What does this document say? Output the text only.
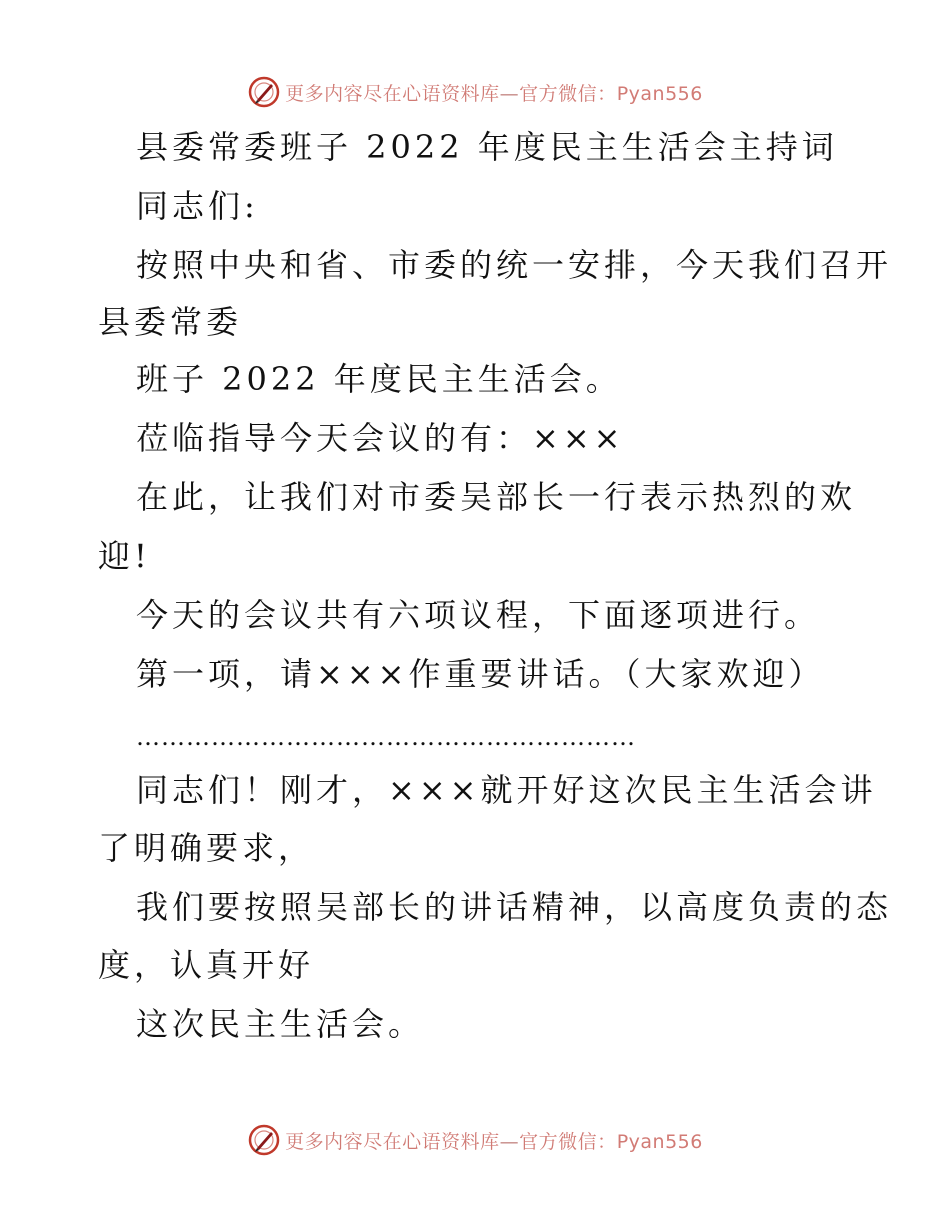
更多内容尽在心语资料库—官方微信：Pyan556
县委常委班子 2022 年度民主生活会主持词
同志们:
按照中央和省、市委的统一安排，今天我们召开
县委常委
班子 2022 年度民主生活会。
莅临指导今天会议的有：×××
在此，让我们对市委吴部长一行表示热烈的欢
迎!
今天的会议共有六项议程，下面逐项进行。
第一项，请×××作重要讲话。（大家欢迎）
……………………………………………………
同志们！刚才，×××就开好这次民主生活会讲
了明确要求，
我们要按照吴部长的讲话精神，以高度负责的态
度，认真开好
这次民主生活会。
更多内容尽在心语资料库—官方微信：Pyan556
